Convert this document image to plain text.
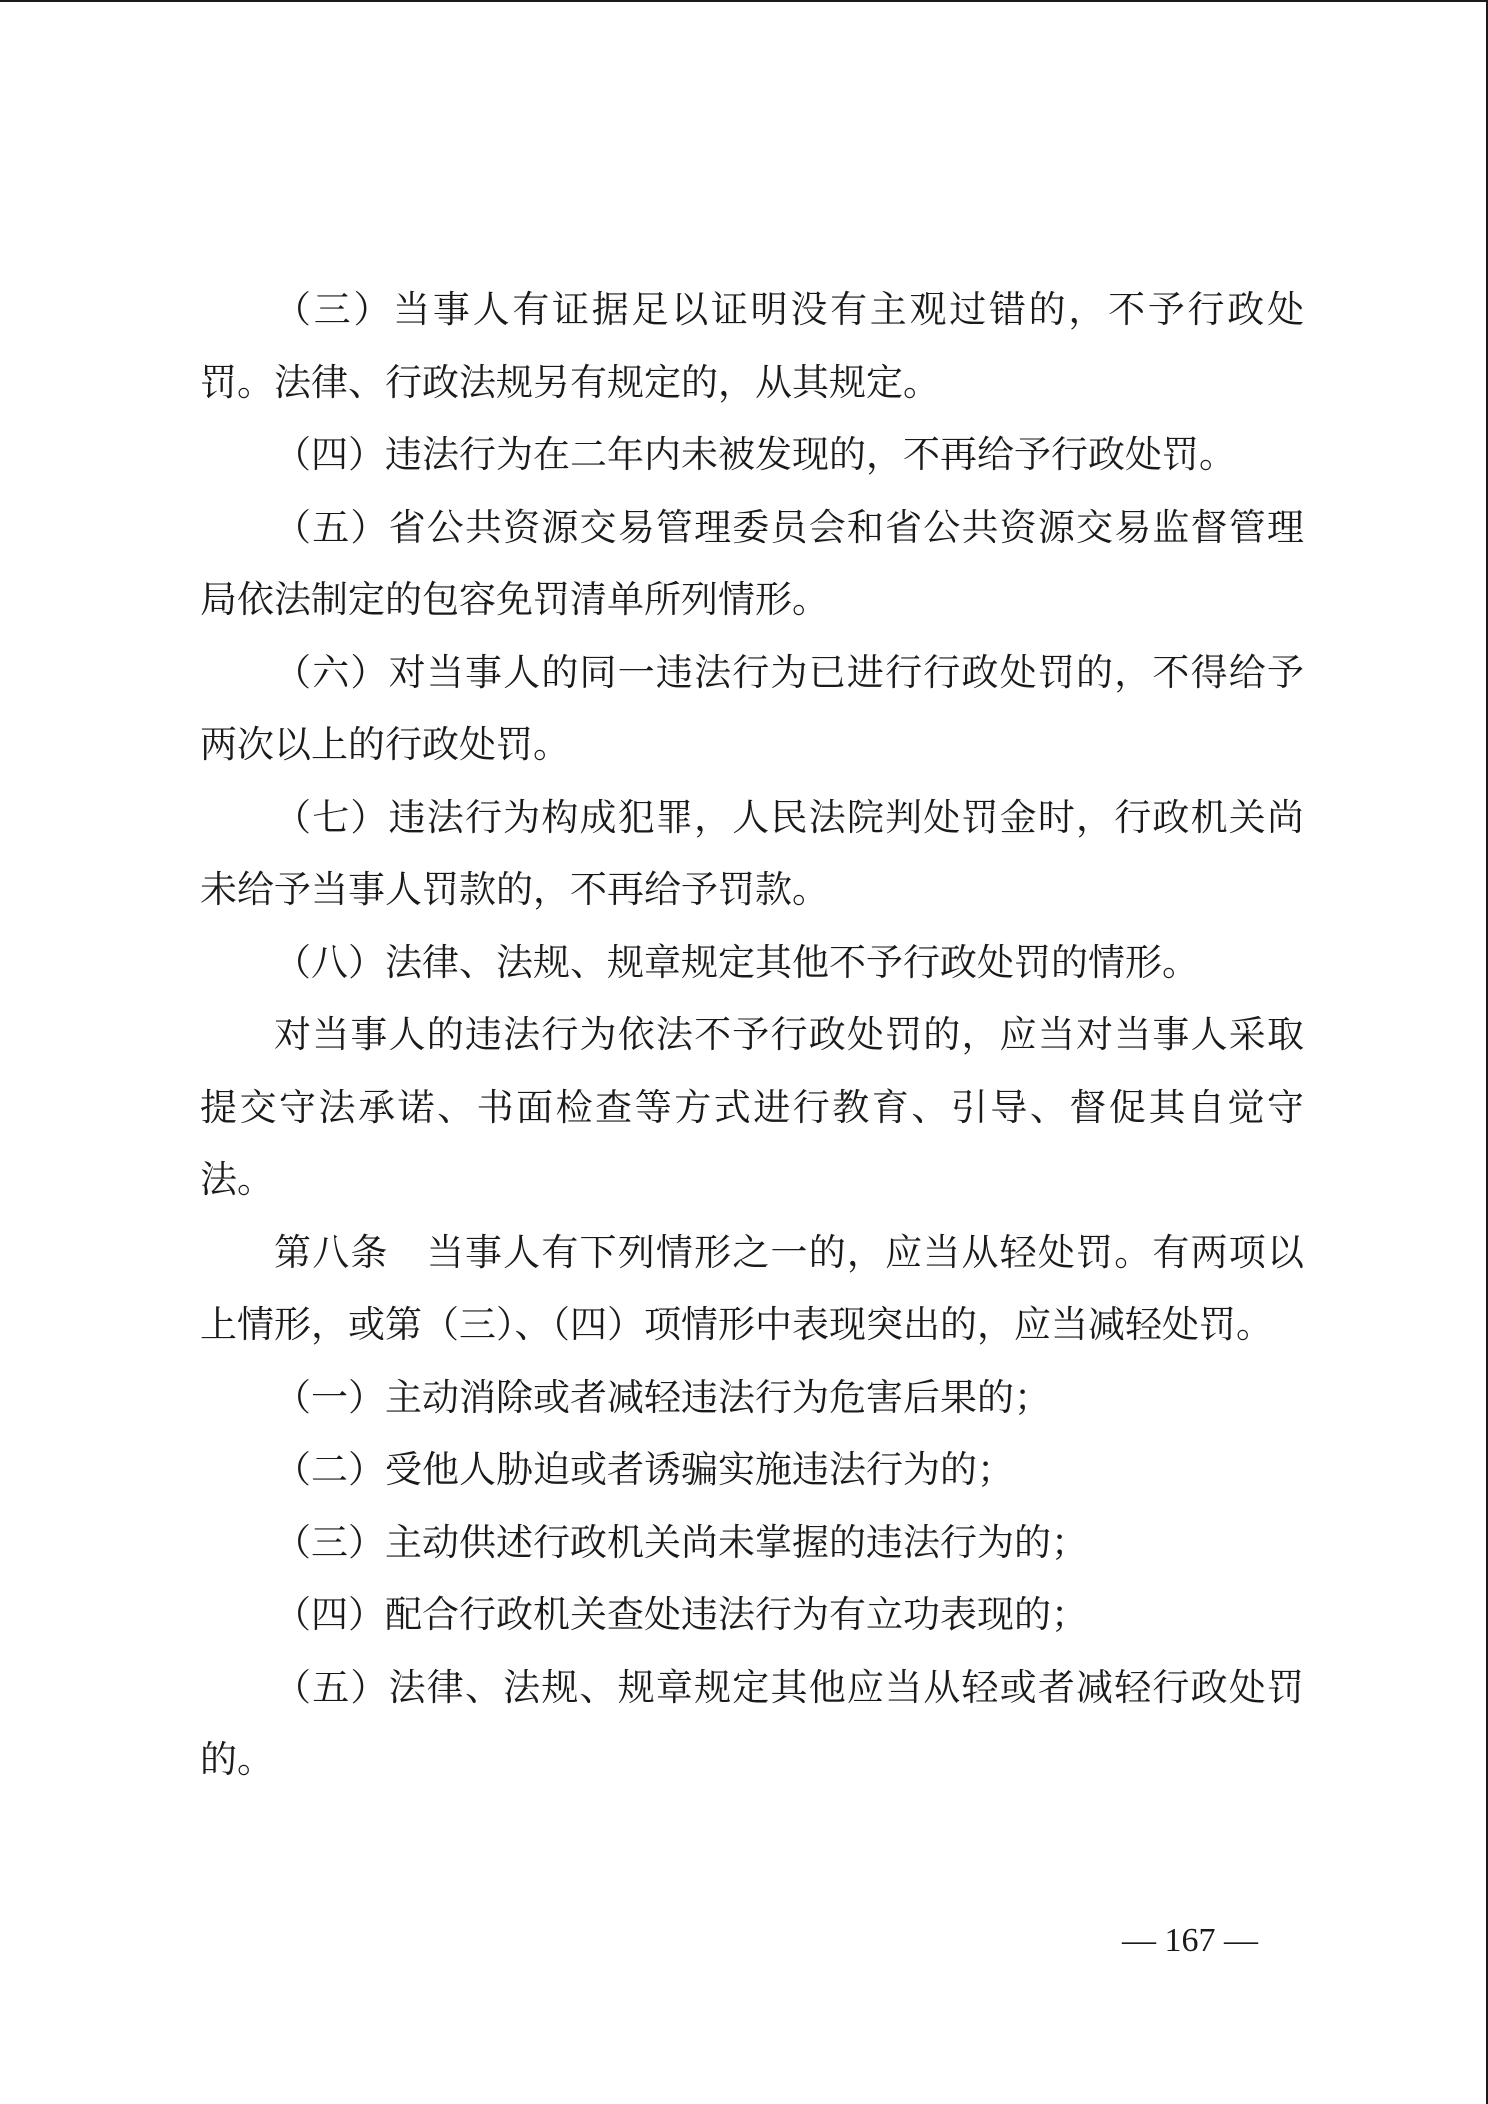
（三）当事人有证据足以证明没有主观过错的，不予行政处罚。法律、行政法规另有规定的，从其规定。

（四）违法行为在二年内未被发现的，不再给予行政处罚。

（五）省公共资源交易管理委员会和省公共资源交易监督管理局依法制定的包容免罚清单所列情形。

（六）对当事人的同一违法行为已进行行政处罚的，不得给予两次以上的行政处罚。

（七）违法行为构成犯罪，人民法院判处罚金时，行政机关尚未给予当事人罚款的，不再给予罚款。

（八）法律、法规、规章规定其他不予行政处罚的情形。

对当事人的违法行为依法不予行政处罚的，应当对当事人采取提交守法承诺、书面检查等方式进行教育、引导、督促其自觉守法。

第八条　当事人有下列情形之一的，应当从轻处罚。有两项以上情形，或第（三）、（四）项情形中表现突出的，应当减轻处罚。

（一）主动消除或者减轻违法行为危害后果的；

（二）受他人胁迫或者诱骗实施违法行为的；

（三）主动供述行政机关尚未掌握的违法行为的；

（四）配合行政机关查处违法行为有立功表现的；

（五）法律、法规、规章规定其他应当从轻或者减轻行政处罚的。

— 167 —
